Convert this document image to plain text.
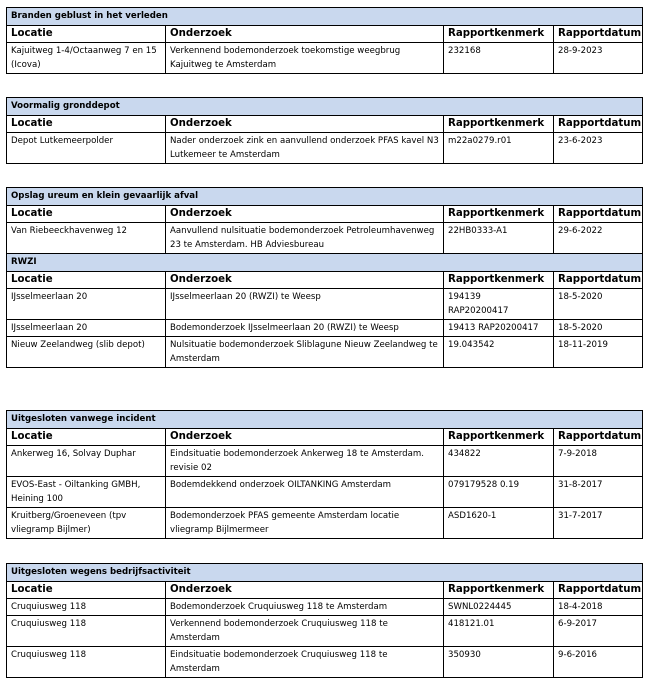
Branden geblust in het verleden			
Locatie	Onderzoek	Rapportkenmerk	Rapportdatum
Kajuitweg 1-4/Octaanweg 7 en 15 (Icova)	Verkennend bodemonderzoek toekomstige weegbrug Kajuitweg te Amsterdam	232168	28-9-2023
Voormalig gronddepot			
Locatie	Onderzoek	Rapportkenmerk	Rapportdatum
Depot Lutkemeerpolder	Nader onderzoek zink en aanvullend onderzoek PFAS kavel N3 Lutkemeer te Amsterdam	m22a0279.r01	23-6-2023
Opslag ureum en klein gevaarlijk afval			
Locatie	Onderzoek	Rapportkenmerk	Rapportdatum
Van Riebeeckhavenweg 12	Aanvullend nulsituatie bodemonderzoek Petroleumhavenweg 23 te Amsterdam. HB Adviesbureau	22HB0333-A1	29-6-2022
RWZI			
Locatie	Onderzoek	Rapportkenmerk	Rapportdatum
IJsselmeerlaan 20	IJsselmeerlaan 20 (RWZI) te Weesp	194139 RAP20200417	18-5-2020
IJsselmeerlaan 20	Bodemonderzoek IJsselmeerlaan 20 (RWZI) te Weesp	19413 RAP20200417	18-5-2020
Nieuw Zeelandweg (slib depot)	Nulsituatie bodemonderzoek Sliblagune Nieuw Zeelandweg te Amsterdam	19.043542	18-11-2019
Uitgesloten vanwege incident			
Locatie	Onderzoek	Rapportkenmerk	Rapportdatum
Ankerweg 16, Solvay Duphar	Eindsituatie bodemonderzoek Ankerweg 18 te Amsterdam. revisie 02	434822	7-9-2018
EVOS-East - Oiltanking GMBH, Heining 100	Bodemdekkend onderzoek OILTANKING Amsterdam	079179528 0.19	31-8-2017
Kruitberg/Groeneveen (tpv vliegramp Bijlmer)	Bodemonderzoek PFAS gemeente Amsterdam locatie vliegramp Bijlmermeer	ASD1620-1	31-7-2017
Uitgesloten wegens bedrijfsactiviteit			
Locatie	Onderzoek	Rapportkenmerk	Rapportdatum
Cruquiusweg 118	Bodemonderzoek Cruquiusweg 118 te Amsterdam	SWNL0224445	18-4-2018
Cruquiusweg 118	Verkennend bodemonderzoek Cruquiusweg 118 te Amsterdam	418121.01	6-9-2017
Cruquiusweg 118	Eindsituatie bodemonderzoek Cruquiusweg 118 te Amsterdam	350930	9-6-2016
